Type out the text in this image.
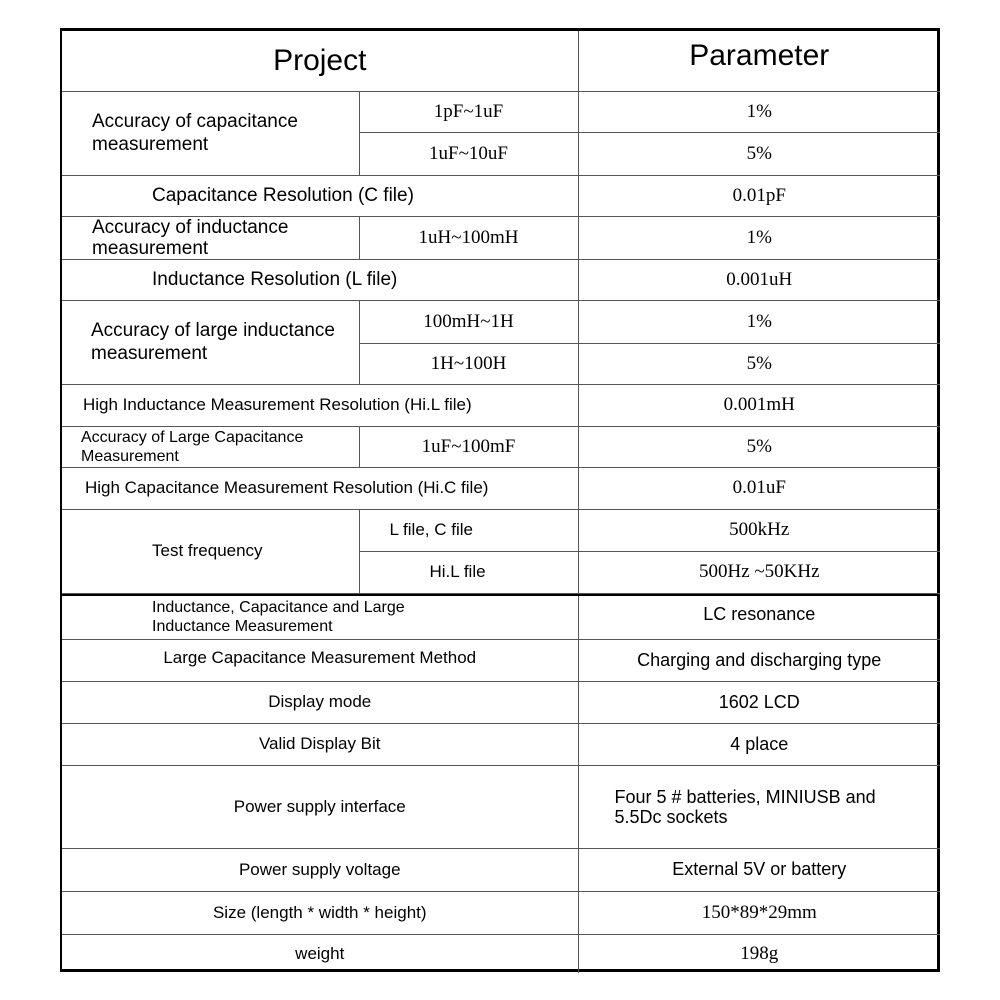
Project		Parameter
Accuracy of capacitance measurement	1pF~1uF	1%
	1uF~10uF	5%
Capacitance Resolution (C file)		0.01pF
Accuracy of inductance measurement	1uH~100mH	1%
Inductance Resolution (L file)		0.001uH
Accuracy of large inductance measurement	100mH~1H	1%
	1H~100H	5%
High Inductance Measurement Resolution (Hi.L file)		0.001mH
Accuracy of Large Capacitance Measurement	1uF~100mF	5%
High Capacitance Measurement Resolution (Hi.C file)		0.01uF
Test frequency	L file, C file	500kHz
	Hi.L file	500Hz ~50KHz
Inductance, Capacitance and Large Inductance Measurement	LC resonance
Large Capacitance Measurement Method	Charging and discharging type
Display mode	1602 LCD
Valid Display Bit	4 place
Power supply interface	Four 5 # batteries, MINIUSB and 5.5Dc sockets
Power supply voltage	External 5V or battery
Size (length * width * height)	150*89*29mm
weight	198g
